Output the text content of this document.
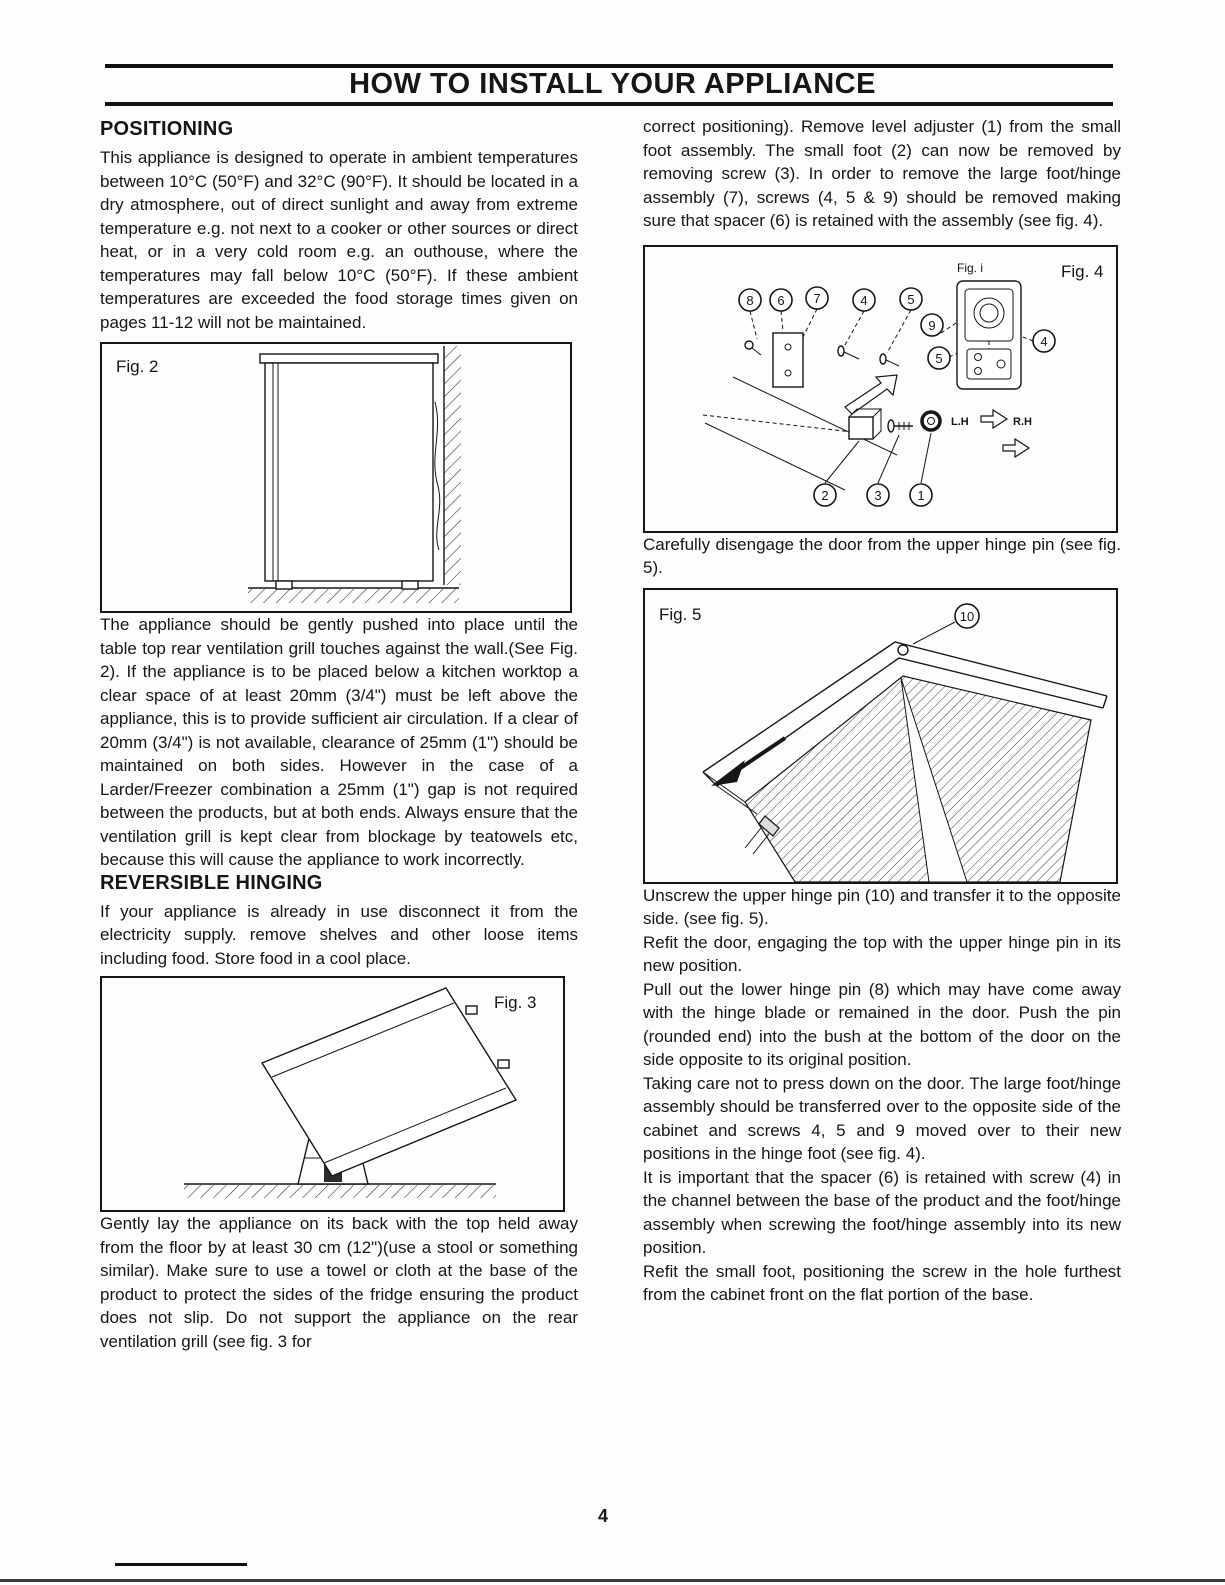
HOW TO INSTALL YOUR APPLIANCE
POSITIONING

This appliance is designed to operate in ambient temperatures between 10°C (50°F) and 32°C (90°F). It should be located in a dry atmosphere, out of direct sunlight and away from extreme temperature e.g. not next to a cooker or other sources or direct heat, or in a very cold room e.g. an outhouse, where the temperatures may fall below 10°C (50°F). If these ambient temperatures are exceeded the food storage times given on pages 11-12 will not be maintained.

Fig. 2

The appliance should be gently pushed into place until the table top rear ventilation grill touches against the wall.(See Fig. 2). If the appliance is to be placed below a kitchen worktop a clear space of at least 20mm (3/4") must be left above the appliance, this is to provide sufficient air circulation. If a clear of 20mm (3/4") is not available, clearance of 25mm (1") should be maintained on both sides. However in the case of a Larder/Freezer combination a 25mm (1") gap is not required between the products, but at both ends. Always ensure that the ventilation grill is kept clear from blockage by teatowels etc, because this will cause the appliance to work incorrectly.

REVERSIBLE HINGING

If your appliance is already in use disconnect it from the electricity supply. remove shelves and other loose items including food. Store food in a cool place.

Fig. 3

Gently lay the appliance on its back with the top held away from the floor by at least 30 cm (12")(use a stool or something similar). Make sure to use a towel or cloth at the base of the product to protect the sides of the fridge ensuring the product does not slip. Do not support the appliance on the rear ventilation grill (see fig. 3 for

correct positioning). Remove level adjuster (1) from the small foot assembly. The small foot (2) can now be removed by removing screw (3). In order to remove the large foot/hinge assembly (7), screws (4, 5 & 9) should be removed making sure that spacer (6) is retained with the assembly (see fig. 4).

Fig. 4
Fig. i
L.H	R.H
8 6 7	4	5
9
4
5
2	3	1

Carefully disengage the door from the upper hinge pin (see fig. 5).

Fig. 5	10

Unscrew the upper hinge pin (10) and transfer it to the opposite side. (see fig. 5).

Refit the door, engaging the top with the upper hinge pin in its new position.

Pull out the lower hinge pin (8) which may have come away with the hinge blade or remained in the door. Push the pin (rounded end) into the bush at the bottom of the door on the side opposite to its original position.

Taking care not to press down on the door. The large foot/hinge assembly should be transferred over to the opposite side of the cabinet and screws 4, 5 and 9 moved over to their new positions in the hinge foot (see fig. 4).

It is important that the spacer (6) is retained with screw (4) in the channel between the base of the product and the foot/hinge assembly when screwing the foot/hinge assembly into its new position.

Refit the small foot, positioning the screw in the hole furthest from the cabinet front on the flat portion of the base.

4
